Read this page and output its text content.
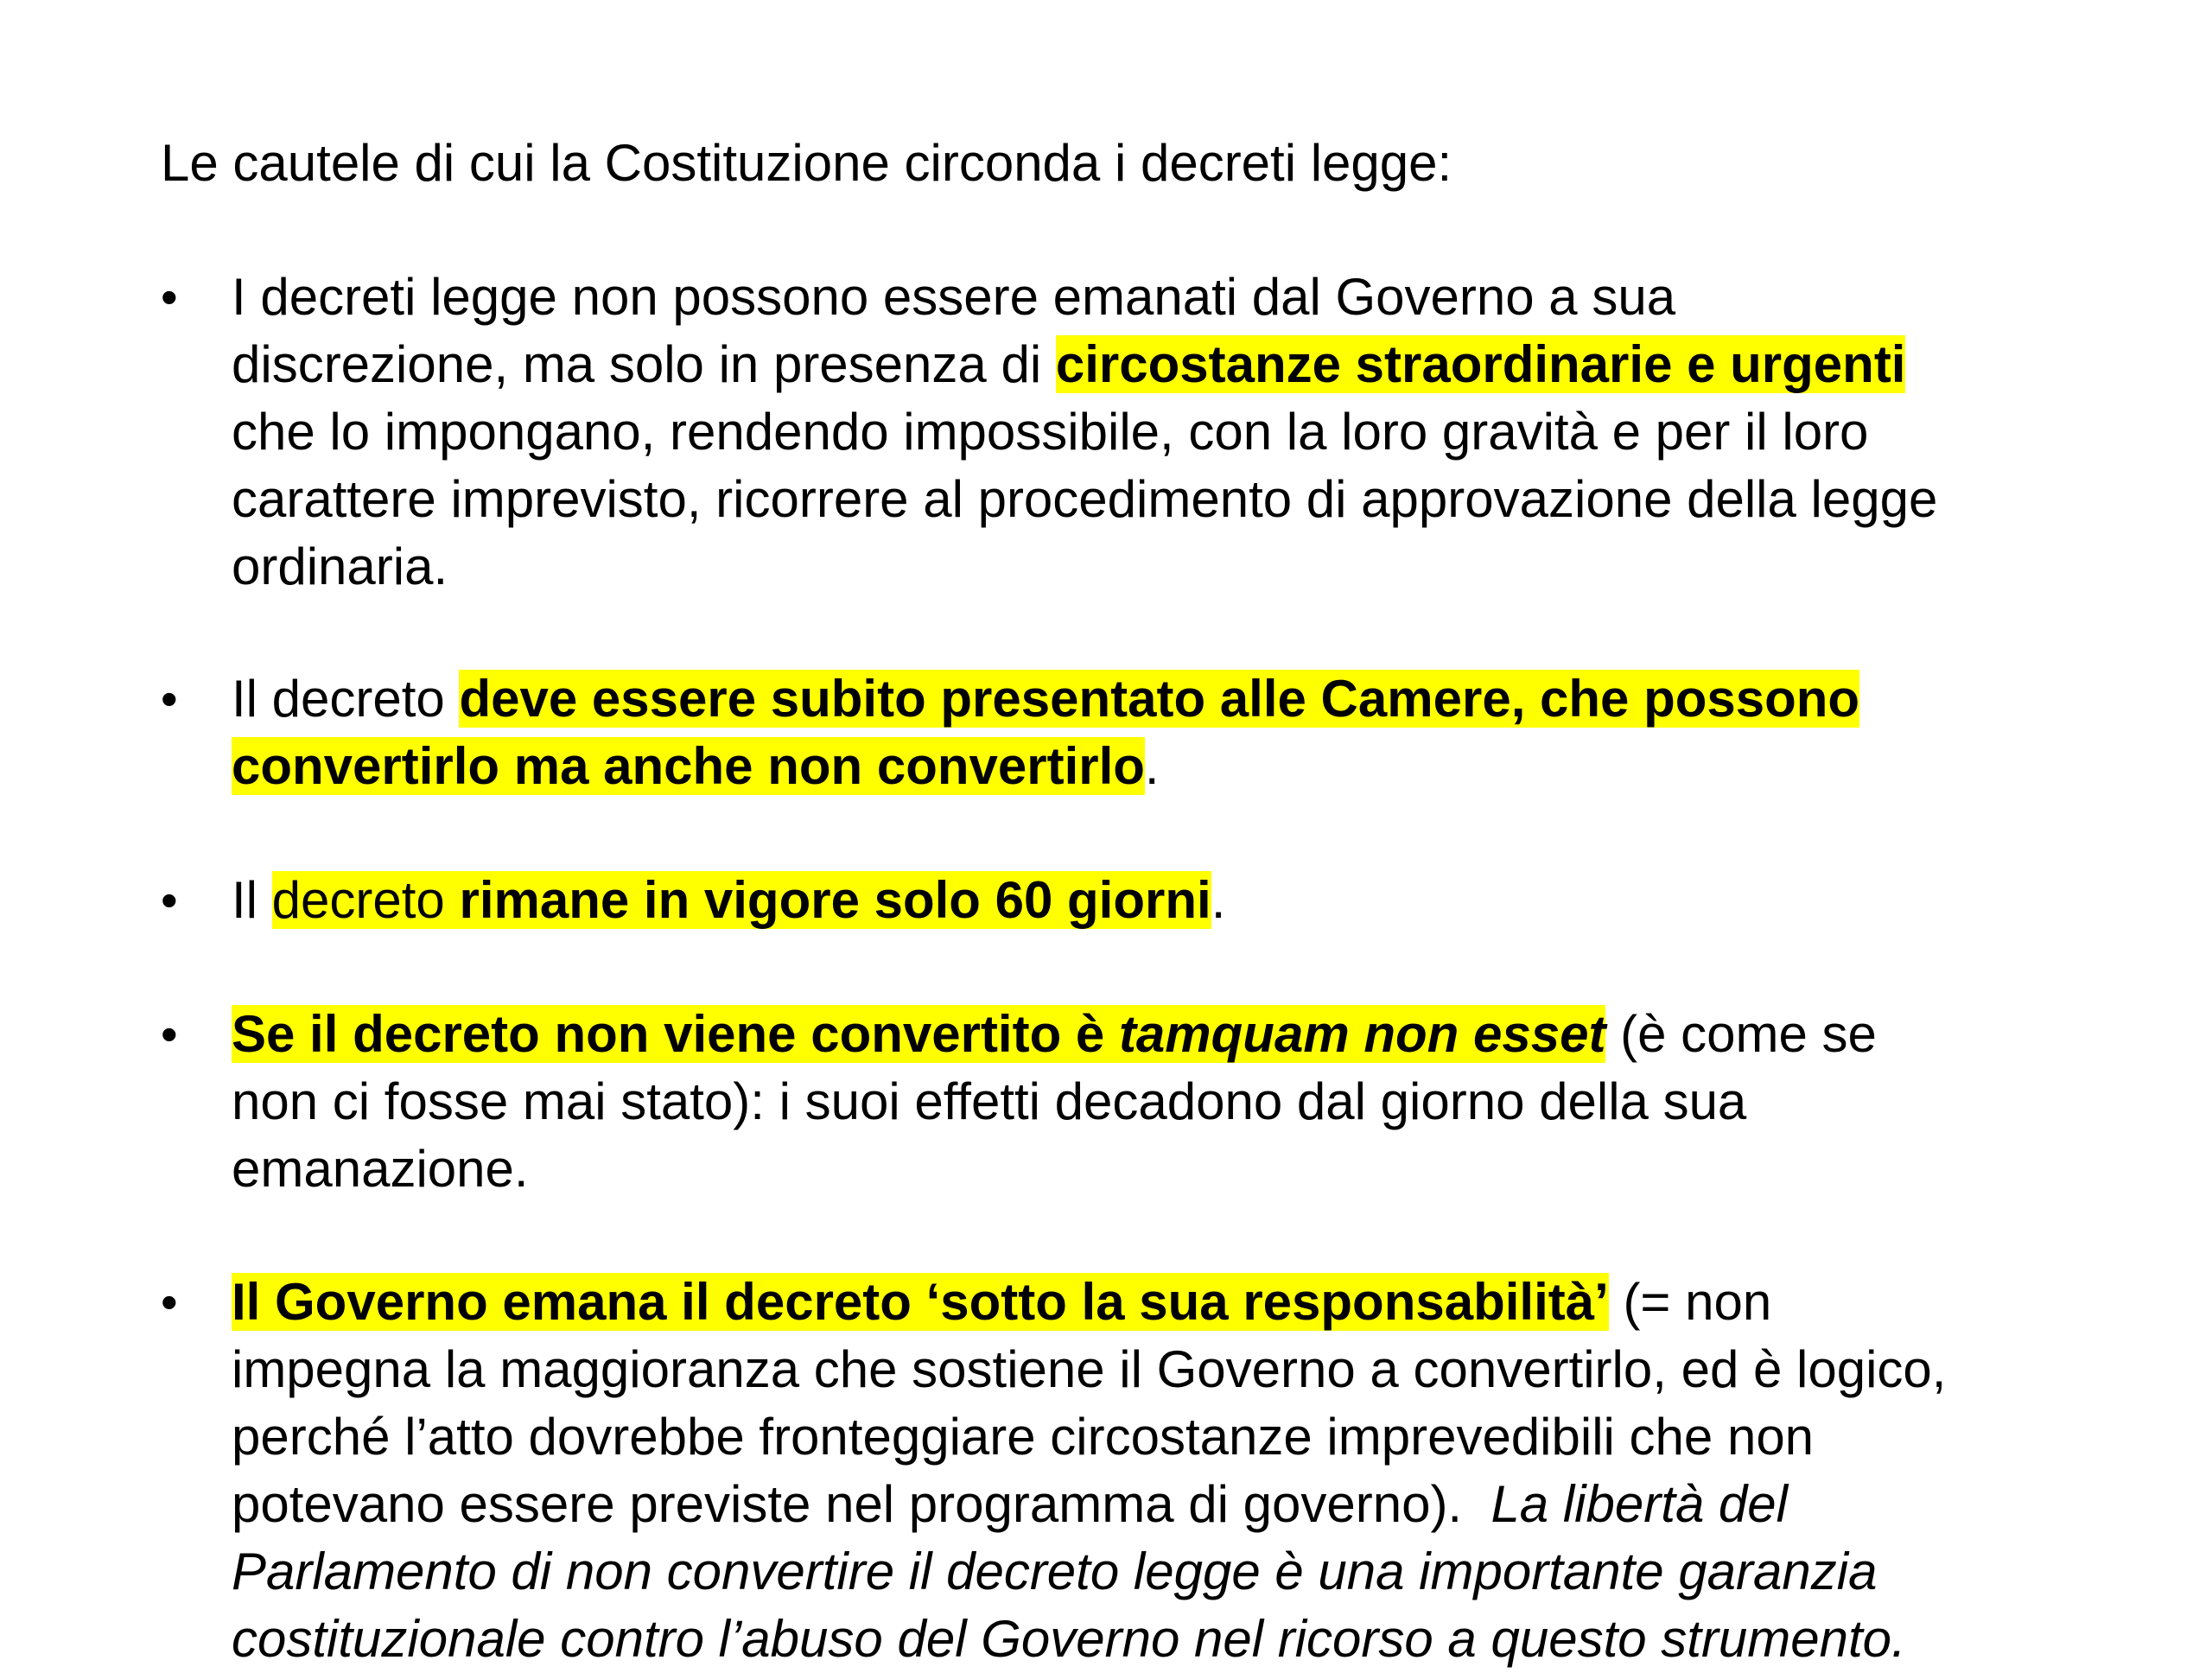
Le cautele di cui la Costituzione circonda i decreti legge:
• I decreti legge non possono essere emanati dal Governo a sua
discrezione, ma solo in presenza di circostanze straordinarie e urgenti
che lo impongano, rendendo impossibile, con la loro gravità e per il loro
carattere imprevisto, ricorrere al procedimento di approvazione della legge
ordinaria.
• Il decreto deve essere subito presentato alle Camere, che possono
convertirlo ma anche non convertirlo.
• Il decreto rimane in vigore solo 60 giorni.
• Se il decreto non viene convertito è tamquam non esset (è come se
non ci fosse mai stato): i suoi effetti decadono dal giorno della sua
emanazione.
• Il Governo emana il decreto ‘sotto la sua responsabilità’ (= non
impegna la maggioranza che sostiene il Governo a convertirlo, ed è logico,
perché l’atto dovrebbe fronteggiare circostanze imprevedibili che non
potevano essere previste nel programma di governo).  La libertà del
Parlamento di non convertire il decreto legge è una importante garanzia
costituzionale contro l’abuso del Governo nel ricorso a questo strumento.
